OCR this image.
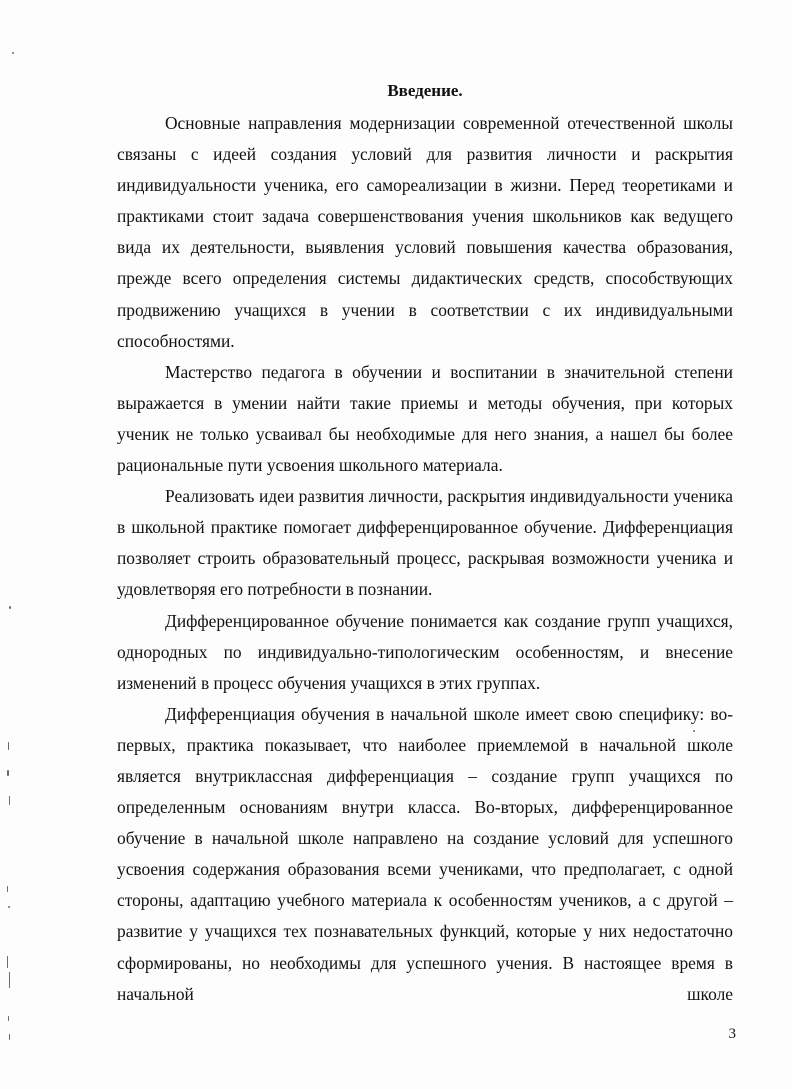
Введение.

Основные направления модернизации современной отечественной школы связаны с идеей создания условий для развития личности и раскрытия индивидуальности ученика, его самореализации в жизни. Перед теоретиками и практиками стоит задача совершенствования учения школьников как ведущего вида их деятельности, выявления условий повышения качества образования, прежде всего определения системы дидактических средств, способствующих продвижению учащихся в учении в соответствии с их индивидуальными способностями.

Мастерство педагога в обучении и воспитании в значительной степени выражается в умении найти такие приемы и методы обучения, при которых ученик не только усваивал бы необходимые для него знания, а нашел бы более рациональные пути усвоения школьного материала.

Реализовать идеи развития личности, раскрытия индивидуальности ученика в школьной практике помогает дифференцированное обучение. Дифференциация позволяет строить образовательный процесс, раскрывая возможности ученика и удовлетворяя его потребности в познании.

Дифференцированное обучение понимается как создание групп учащихся, однородных по индивидуально-типологическим особенностям, и внесение изменений в процесс обучения учащихся в этих группах.

Дифференциация обучения в начальной школе имеет свою специфику: во-первых, практика показывает, что наиболее приемлемой в начальной школе является внутриклассная дифференциация – создание групп учащихся по определенным основаниям внутри класса. Во-вторых, дифференцированное обучение в начальной школе направлено на создание условий для успешного усвоения содержания образования всеми учениками, что предполагает, с одной стороны, адаптацию учебного материала к особенностям учеников, а с другой – развитие у учащихся тех познавательных функций, которые у них недостаточно сформированы, но необходимы для успешного учения. В настоящее время в начальной школе

3
